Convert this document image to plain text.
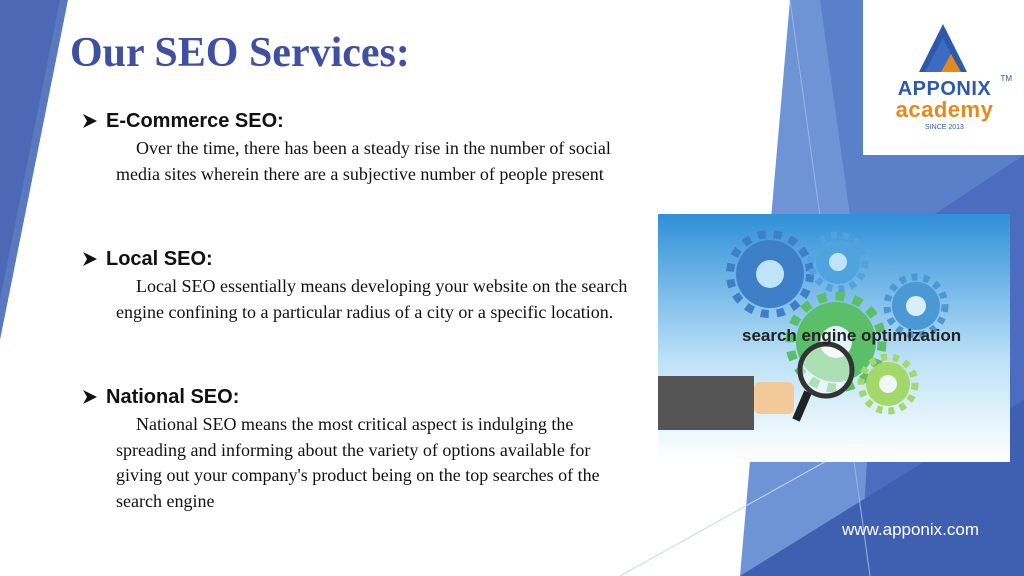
Our SEO Services:
E-Commerce SEO:
Over the time, there has been a steady rise in the number of social media sites wherein there are a subjective number of people present
Local SEO:
Local SEO essentially means developing your website on the search engine confining to a particular radius of a city or a specific location.
National SEO:
National SEO means the most critical aspect is indulging the spreading and informing about the variety of options available for giving out your company's product being on the top searches of the search engine
APPONIX	TM
academy
SINCE 2013
search engine optimization
www.apponix.com
